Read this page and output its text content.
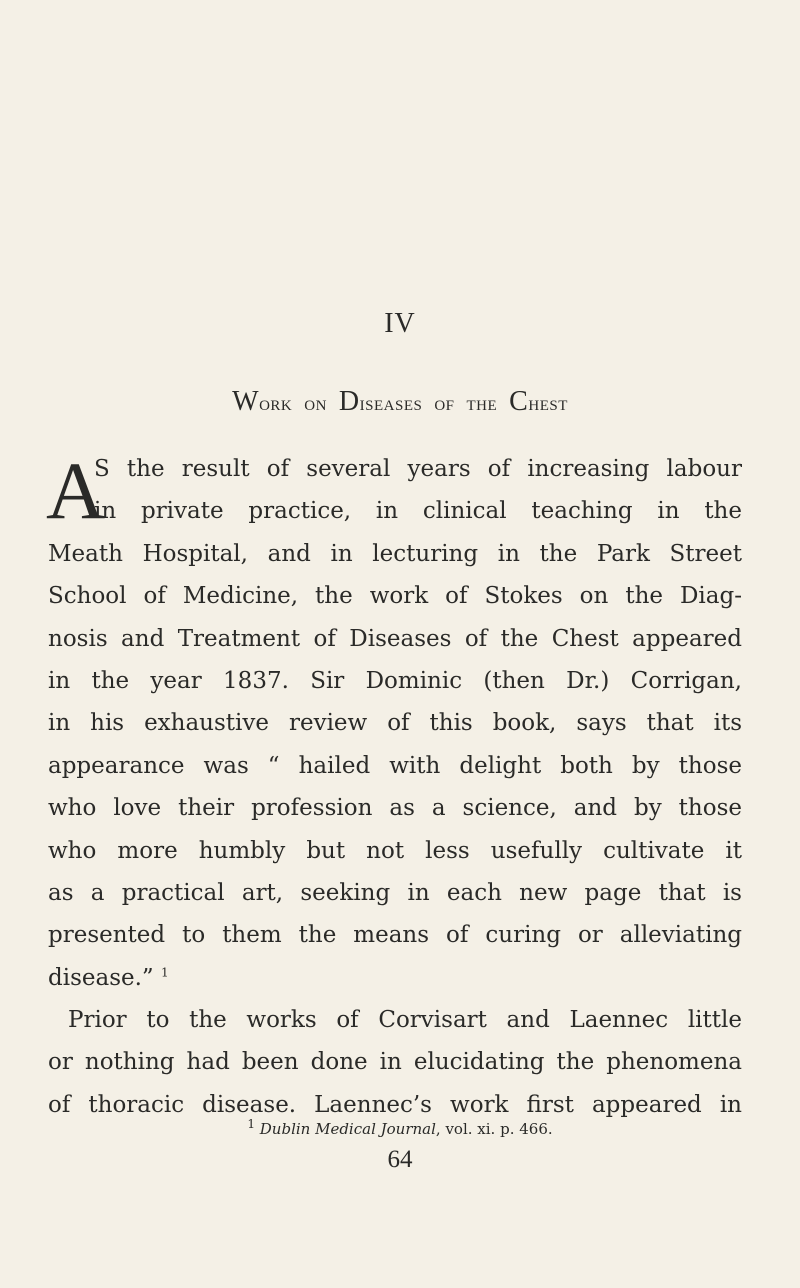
IV
Work on Diseases of the Chest
A
S the result of several years of increasing labour
in private practice, in clinical teaching in the
Meath Hospital, and in lecturing in the Park Street
School of Medicine, the work of Stokes on the Diag-
nosis and Treatment of Diseases of the Chest appeared
in the year 1837. Sir Dominic (then Dr.) Corrigan,
in his exhaustive review of this book, says that its
appearance was “ hailed with delight both by those
who love their profession as a science, and by those
who more humbly but not less usefully cultivate it
as a practical art, seeking in each new page that is
presented to them the means of curing or alleviating
disease.” $^1$
Prior to the works of Corvisart and Laennec little
or nothing had been done in elucidating the phenomena
of thoracic disease. Laennec’s work first appeared in
$^1$ Dublin Medical Journal, vol. xi. p. 466.
64
